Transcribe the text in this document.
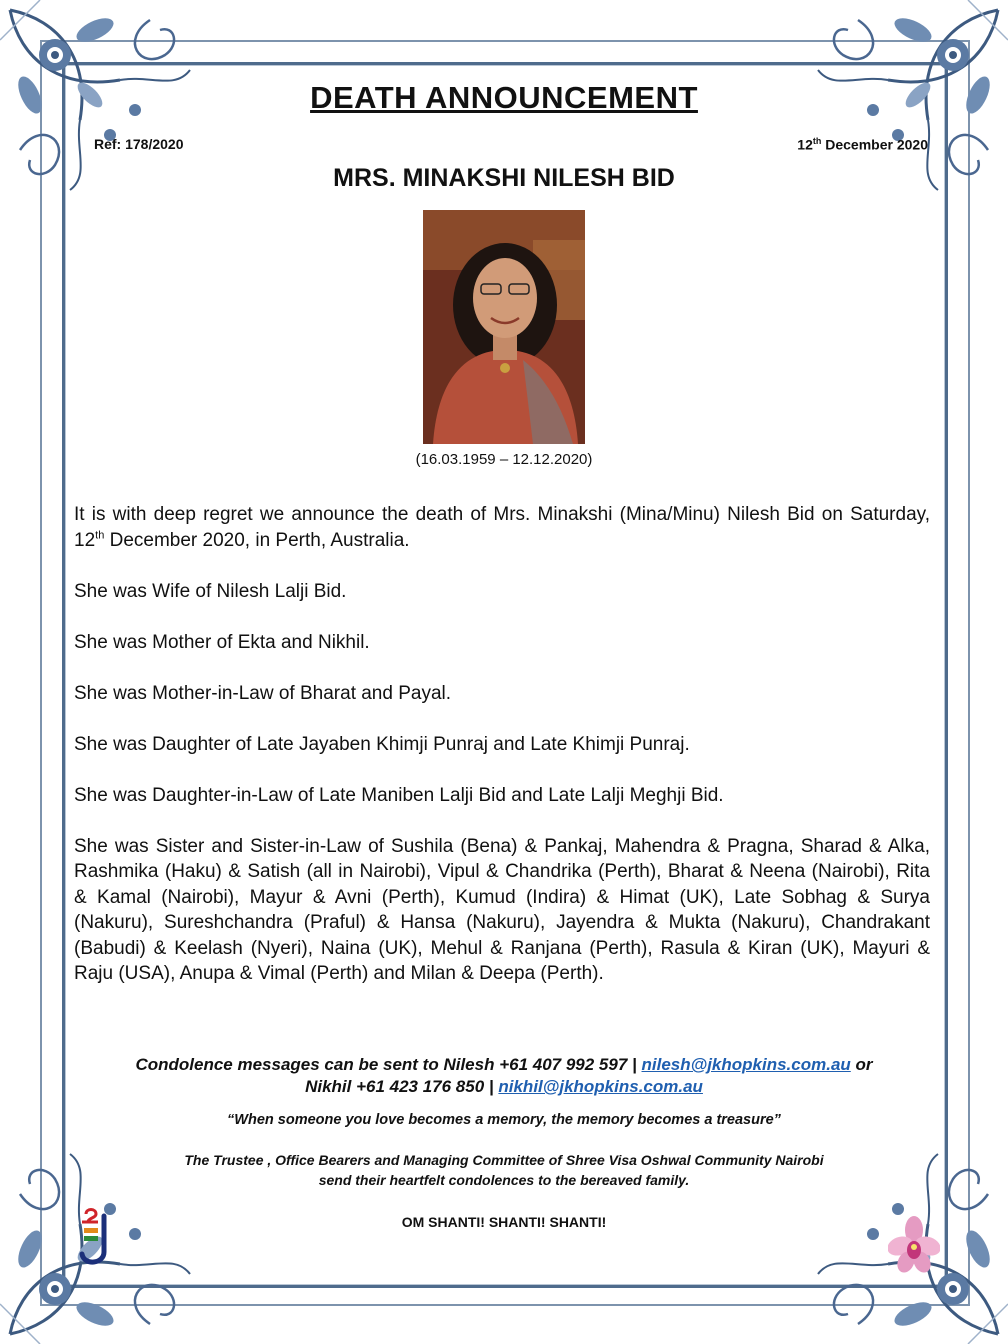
DEATH ANNOUNCEMENT
Ref: 178/2020	12th December 2020
MRS. MINAKSHI NILESH BID
(16.03.1959 – 12.12.2020)

It is with deep regret we announce the death of Mrs. Minakshi (Mina/Minu) Nilesh Bid on Saturday, 12th December 2020, in Perth, Australia.

She was Wife of Nilesh Lalji Bid.

She was Mother of Ekta and Nikhil.

She was Mother-in-Law of Bharat and Payal.

She was Daughter of Late Jayaben Khimji Punraj and Late Khimji Punraj.

She was Daughter-in-Law of Late Maniben Lalji Bid and Late Lalji Meghji Bid.

She was Sister and Sister-in-Law of Sushila (Bena) & Pankaj, Mahendra & Pragna, Sharad & Alka, Rashmika (Haku) & Satish (all in Nairobi), Vipul & Chandrika (Perth), Bharat & Neena (Nairobi), Rita & Kamal (Nairobi), Mayur & Avni (Perth), Kumud (Indira) & Himat (UK), Late Sobhag & Surya (Nakuru), Sureshchandra (Praful) & Hansa (Nakuru), Jayendra & Mukta (Nakuru), Chandrakant (Babudi) & Keelash (Nyeri), Naina (UK), Mehul & Ranjana (Perth), Rasula & Kiran (UK), Mayuri & Raju (USA), Anupa & Vimal (Perth) and Milan & Deepa (Perth).

Condolence messages can be sent to Nilesh +61 407 992 597 | nilesh@jkhopkins.com.au or
Nikhil +61 423 176 850 | nikhil@jkhopkins.com.au
“When someone you love becomes a memory, the memory becomes a treasure”
The Trustee , Office Bearers and Managing Committee of Shree Visa Oshwal Community Nairobi
send their heartfelt condolences to the bereaved family.
OM SHANTI! SHANTI! SHANTI!
